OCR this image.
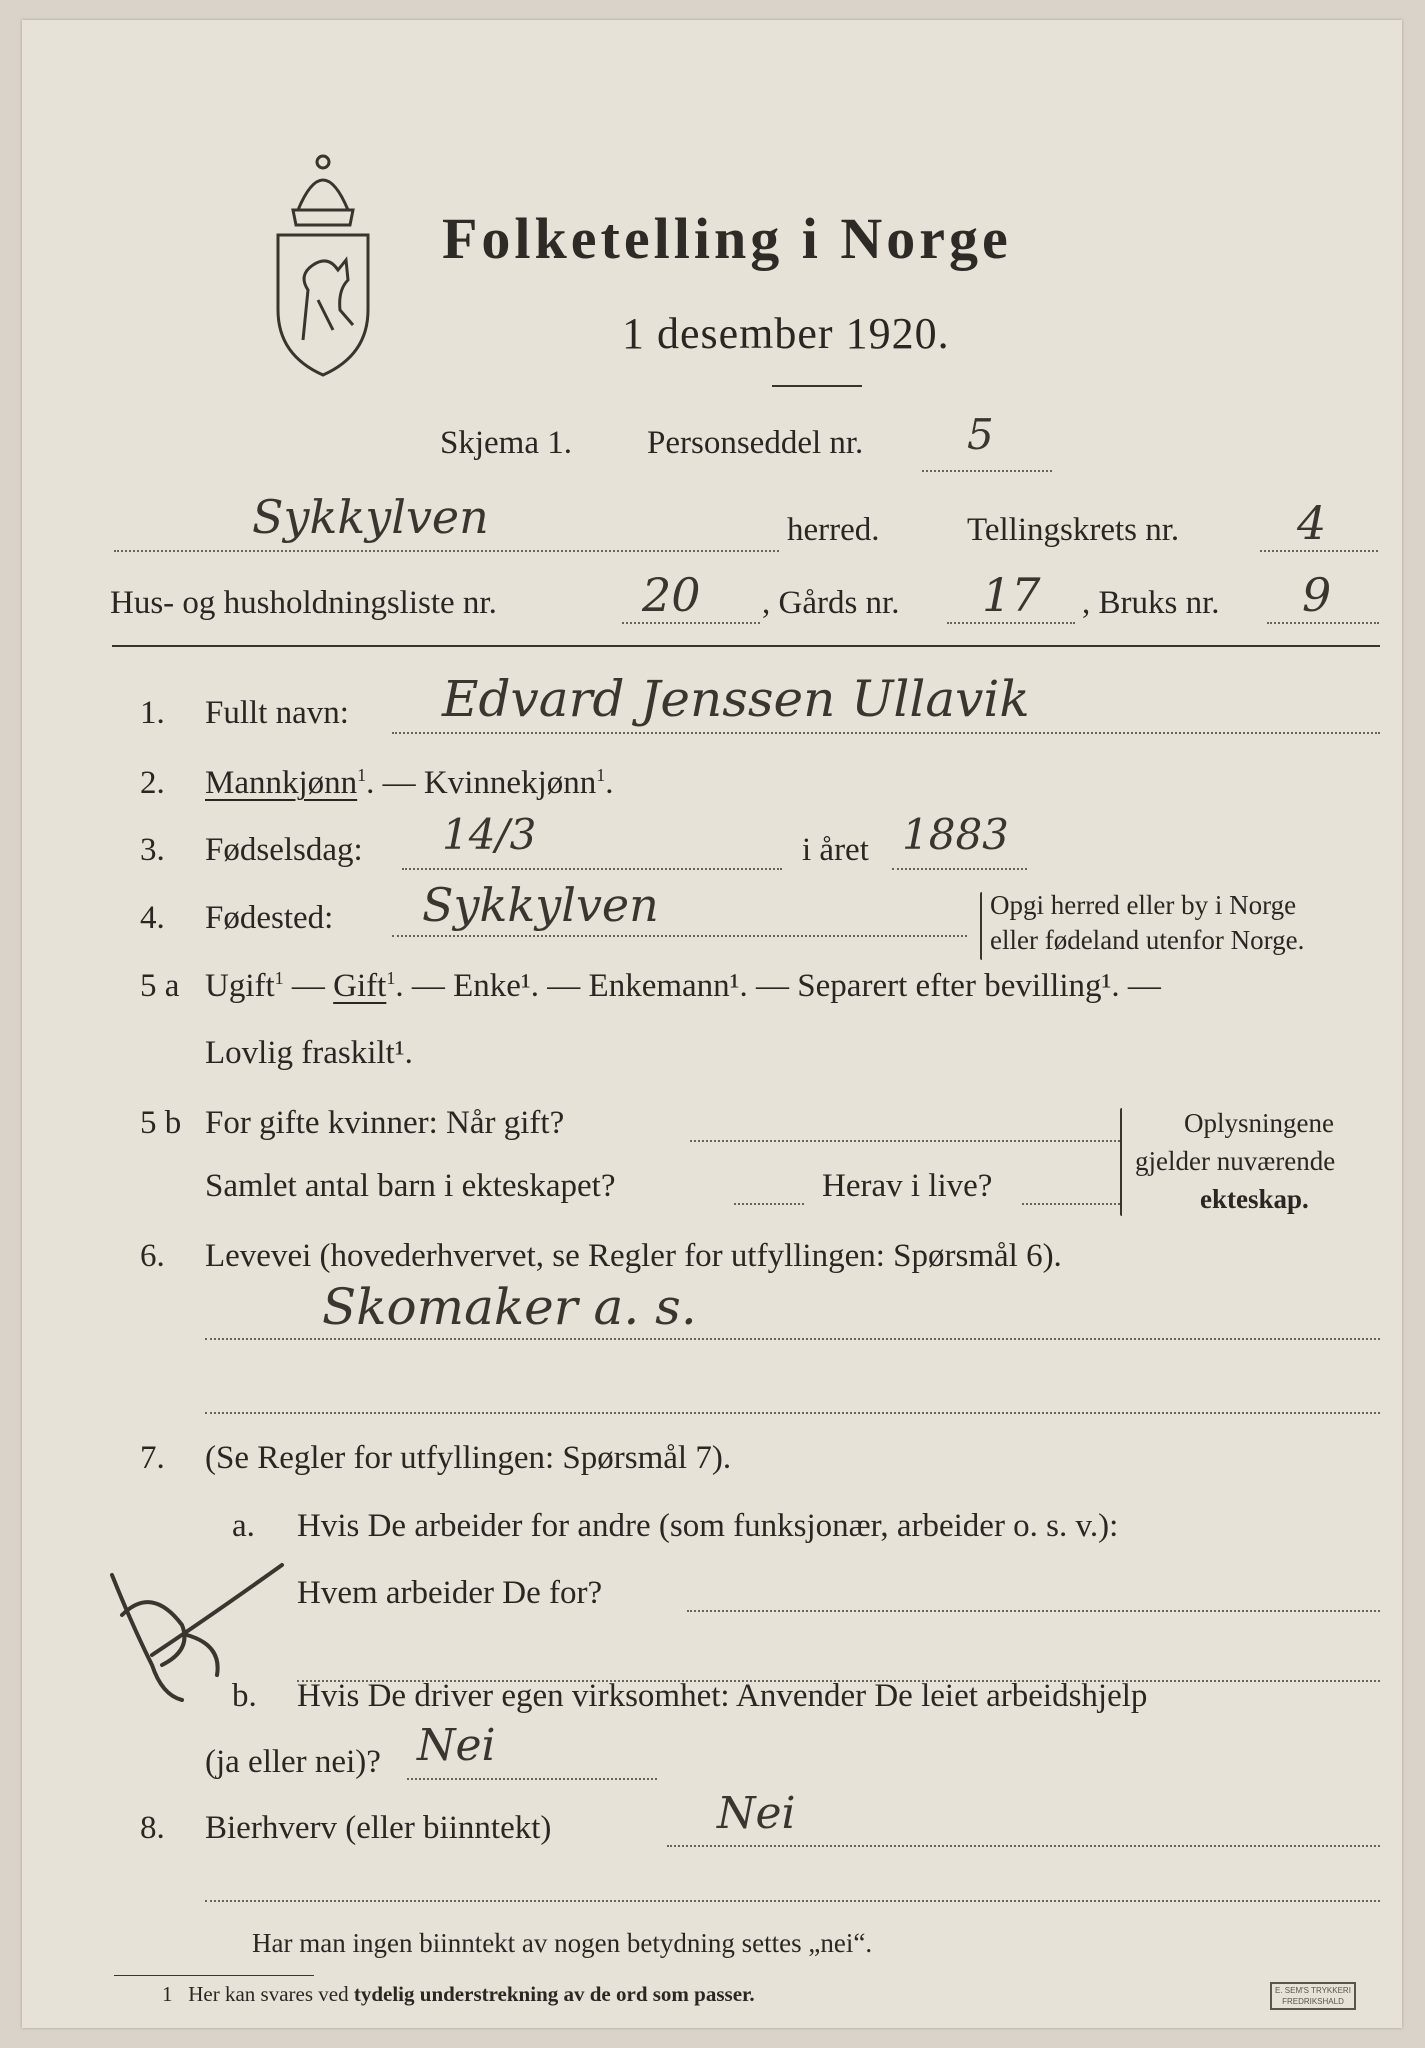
Folketelling i Norge
1 desember 1920.
Skjema 1. Personseddel nr. 5
Sykkylven	herred.	Tellingskrets nr.	4
Hus- og husholdningsliste nr.	20 , Gårds nr. 17 , Bruks nr. 9
1. Fullt navn: Edvard Jenssen Ullavik
2. Mannkjønn$^1$. — Kvinnekjønn$^1$.
3. Fødselsdag: 14/3	i året 1883
4. Fødested: Sykkylven	Opgi herred eller by i Norge
eller fødeland utenfor Norge.
5 a Ugift$^1$ — Gift$^1$. — Enke¹. — Enkemann¹. — Separert efter bevilling¹. —
Lovlig fraskilt¹.
5 b For gifte kvinner: Når gift?
Samlet antal barn i ekteskapet?	Herav i live?
Oplysningene
gjelder nuværende
ekteskap.
6. Levevei (hovederhvervet, se Regler for utfyllingen: Spørsmål 6).
Skomaker a. s.
7. (Se Regler for utfyllingen: Spørsmål 7).
a. Hvis De arbeider for andre (som funksjonær, arbeider o. s. v.):
Hvem arbeider De for?
b. Hvis De driver egen virksomhet: Anvender De leiet arbeidshjelp
(ja eller nei)? Nei
8. Bierhverv (eller biinntekt)	Nei
Har man ingen biinntekt av nogen betydning settes „nei“.
1 Her kan svares ved tydelig understrekning av de ord som passer.	E. SEM'S TRYKKERI
FREDRIKSHALD
